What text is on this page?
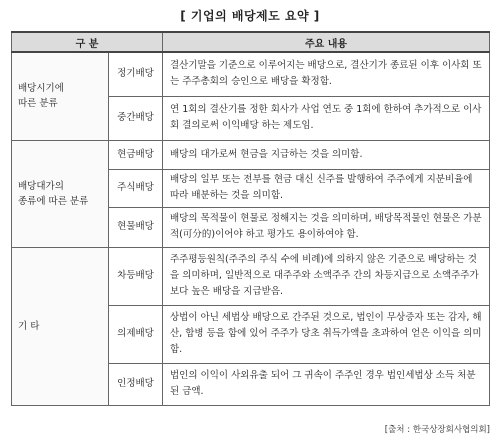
[ 기업의 배당제도 요약 ]
구 분		주요 내용
배당시기에
따른 분류	정기배당	결산기말을 기준으로 이루어지는 배당으로, 결산기가 종료된 이후 이사회 또는 주주총회의 승인으로 배당을 확정함.
	중간배당	연 1회의 결산기를 정한 회사가 사업 연도 중 1회에 한하여 추가적으로 이사회 결의로써 이익배당 하는 제도임.
배당대가의
종류에 따른 분류	현금배당	배당의 대가로써 현금을 지급하는 것을 의미함.
	주식배당	배당의 일부 또는 전부를 현금 대신 신주를 발행하여 주주에게 지분비율에 따라 배분하는 것을 의미함.
	현물배당	배당의 목적물이 현물로 정해지는 것을 의미하며, 배당목적물인 현물은 가분적(可分的)이어야 하고 평가도 용이하여야 함.
기 타	차등배당	주주평등원칙(주주의 주식 수에 비례)에 의하지 않은 기준으로 배당하는 것을 의미하며, 일반적으로 대주주와 소액주주 간의 차등지급으로 소액주주가 보다 높은 배당을 지급받음.
	의제배당	상법이 아닌 세법상 배당으로 간주된 것으로, 법인이 무상증자 또는 감자, 해산, 합병 등을 함에 있어 주주가 당초 취득가액을 초과하여 얻은 이익을 의미함.
	인정배당	법인의 이익이 사외유출 되어 그 귀속이 주주인 경우 법인세법상 소득 처분된 금액.
[출처 : 한국상장회사협의회]
